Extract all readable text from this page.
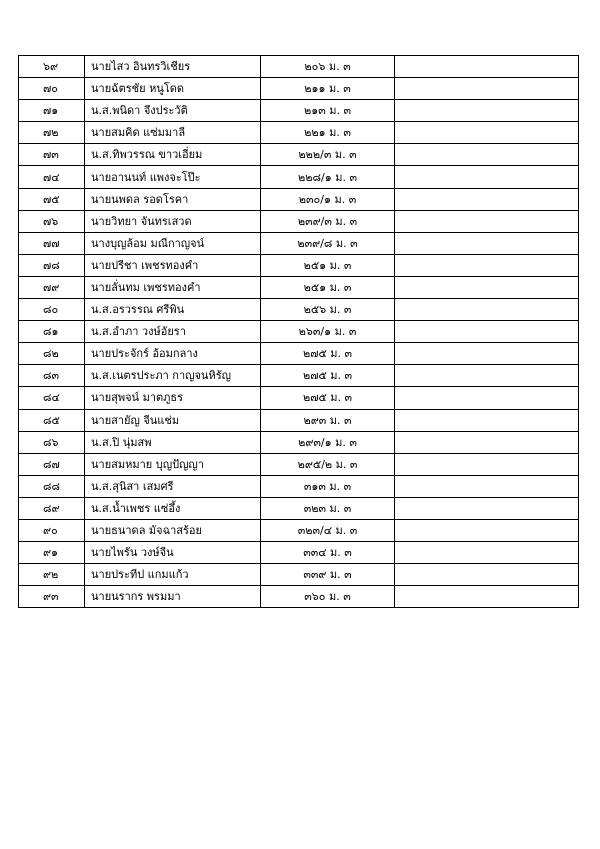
๖๙	นายไสว อินทรวิเชียร	๒๐๖ ม. ๓	
๗๐	นายฉัตรชัย หนูโดด	๒๑๑ ม. ๓	
๗๑	น.ส.พนิดา จึงประวัติ	๒๑๓ ม. ๓	
๗๒	นายสมคิด แซ่มมาลี	๒๒๑ ม. ๓	
๗๓	น.ส.ทิพวรรณ ขาวเอี่ยม	๒๒๒/๓ ม. ๓	
๗๔	นายอานนท์ แพงจะโป๊ะ	๒๒๘/๑ ม. ๓	
๗๕	นายนพดล รอดโรคา	๒๓๐/๑ ม. ๓	
๗๖	นายวิทยา จันทรเสวด	๒๓๙/๓ ม. ๓	
๗๗	นางบุญล้อม มณีกาญจน์	๒๓๙/๘ ม. ๓	
๗๘	นายปรีชา เพชรทองคำ	๒๕๑ ม. ๓	
๗๙	นายลั่นทม เพชรทองคำ	๒๕๑ ม. ๓	
๘๐	น.ส.อรวรรณ ศรีพิน	๒๕๖ ม. ๓	
๘๑	น.ส.อำภา วงษ์อัยรา	๒๖๓/๑ ม. ๓	
๘๒	นายประจักร์ อ้อมกลาง	๒๗๕ ม. ๓	
๘๓	น.ส.เนตรประภา กาญจนหิรัญ	๒๗๕ ม. ๓	
๘๔	นายสุพจน์ มาตภูธร	๒๗๕ ม. ๓	
๘๕	นายสายัญ จีนแช่ม	๒๙๓ ม. ๓	
๘๖	น.ส.ปิ นุ่มสพ	๒๙๓/๑ ม. ๓	
๘๗	นายสมหมาย บุญปัญญา	๒๙๕/๒ ม. ๓	
๘๘	น.ส.สุนิสา เสมศรี	๓๑๓ ม. ๓	
๘๙	น.ส.น้ำเพชร แซ่อึ้ง	๓๒๓ ม. ๓	
๙๐	นายธนาดล มัจฉาสร้อย	๓๒๓/๔ ม. ๓	
๙๑	นายไพรัน วงษ์จีน	๓๓๔ ม. ๓	
๙๒	นายประทีป แกมแก้ว	๓๓๙ ม. ๓	
๙๓	นายนรากร พรมมา	๓๖๐ ม. ๓	
